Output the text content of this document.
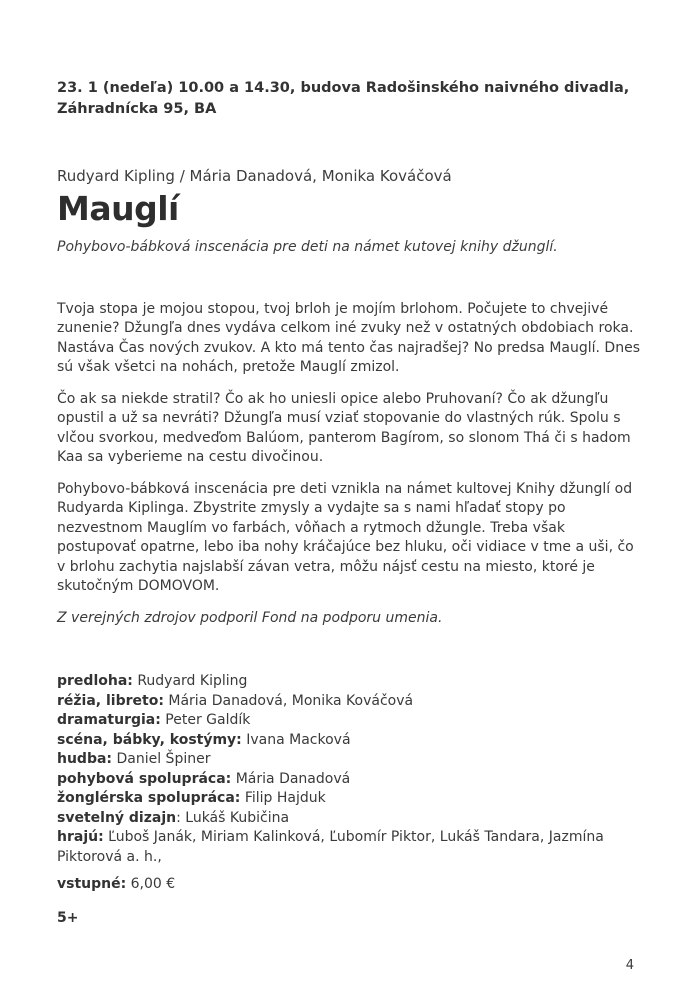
23. 1 (nedeľa) 10.00 a 14.30, budova Radošinského naivného divadla, Záhradnícka 95, BA
Rudyard Kipling / Mária Danadová, Monika Kováčová
Mauglí
Pohybovo-bábková inscenácia pre deti na námet kutovej knihy džunglí.

Tvoja stopa je mojou stopou, tvoj brloh je mojím brlohom. Počujete to chvejivé zunenie? Džungľa dnes vydáva celkom iné zvuky než v ostatných obdobiach roka. Nastáva Čas nových zvukov. A kto má tento čas najradšej? No predsa Mauglí. Dnes sú však všetci na nohách, pretože Mauglí zmizol.

Čo ak sa niekde stratil? Čo ak ho uniesli opice alebo Pruhovaní? Čo ak džungľu opustil a už sa nevráti? Džungľa musí vziať stopovanie do vlastných rúk. Spolu s vlčou svorkou, medveďom Balúom, panterom Bagírom, so slonom Thá či s hadom Kaa sa vyberieme na cestu divočinou.

Pohybovo-bábková inscenácia pre deti vznikla na námet kultovej Knihy džunglí od Rudyarda Kiplinga. Zbystrite zmysly a vydajte sa s nami hľadať stopy po nezvestnom Mauglím vo farbách, vôňach a rytmoch džungle. Treba však postupovať opatrne, lebo iba nohy kráčajúce bez hluku, oči vidiace v tme a uši, čo v brlohu zachytia najslabší závan vetra, môžu nájsť cestu na miesto, ktoré je skutočným DOMOVOM.

Z verejných zdrojov podporil Fond na podporu umenia.

predloha: Rudyard Kipling
réžia, libreto: Mária Danadová, Monika Kováčová
dramaturgia: Peter Galdík
scéna, bábky, kostýmy: Ivana Macková
hudba: Daniel Špiner
pohybová spolupráca: Mária Danadová
žonglérska spolupráca: Filip Hajduk
svetelný dizajn: Lukáš Kubičina
hrajú: Ľuboš Janák, Miriam Kalinková, Ľubomír Piktor, Lukáš Tandara, Jazmína Piktorová a. h.,
vstupné: 6,00 €
5+
4
